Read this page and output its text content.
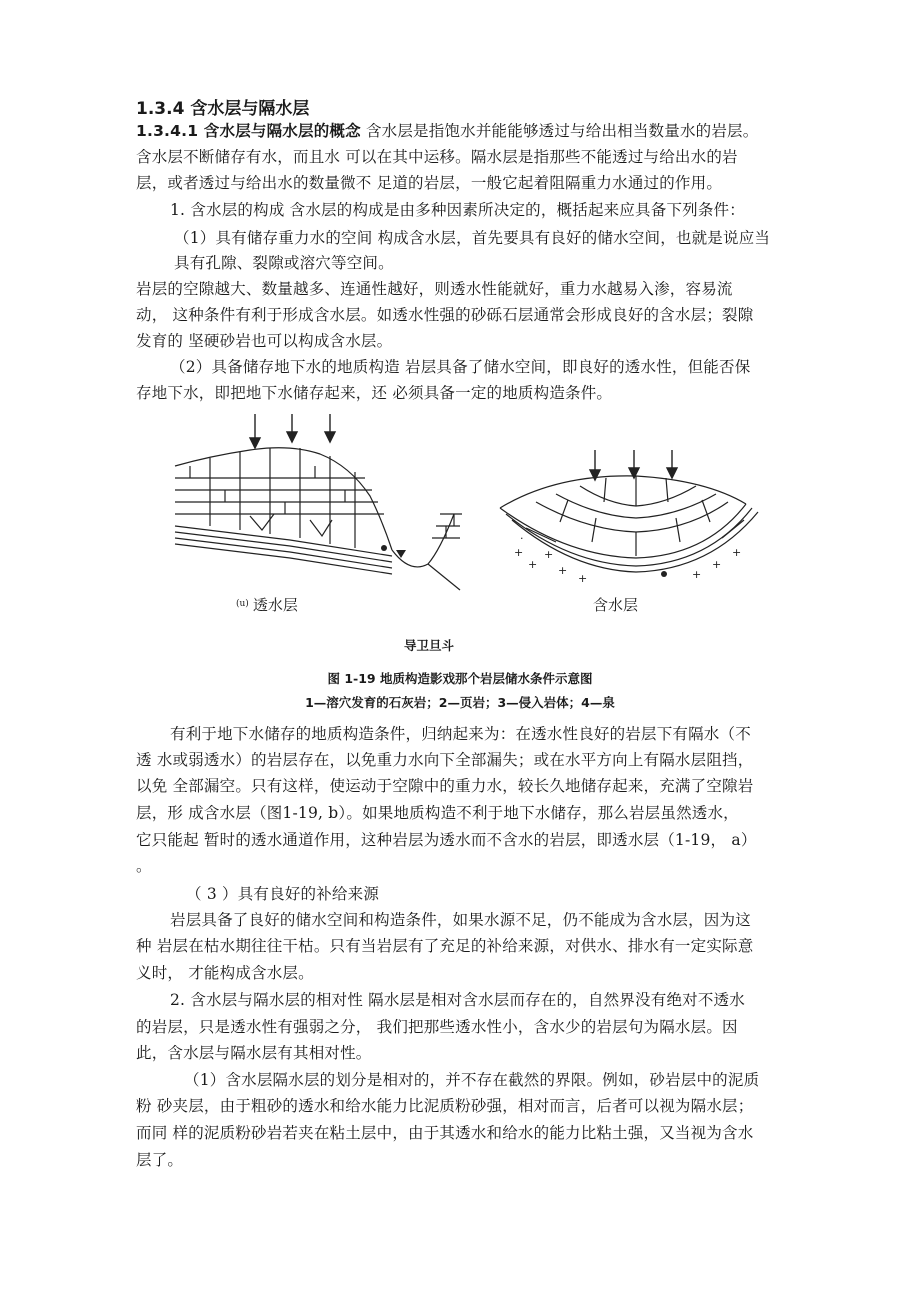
1.3.4 含水层与隔水层
1.3.4.1 含水层与隔水层的概念 含水层是指饱水并能能够透过与给出相当数量水的岩层。
含水层不断储存有水，而且水 可以在其中运移。隔水层是指那些不能透过与给出水的岩
层，或者透过与给出水的数量微不 足道的岩层，一般它起着阻隔重力水通过的作用。
1. 含水层的构成 含水层的构成是由多种因素所决定的，概括起来应具备下列条件：
（1）具有储存重力水的空间 构成含水层，首先要具有良好的储水空间，也就是说应当
具有孔隙、裂隙或溶穴等空间。
岩层的空隙越大、数量越多、连通性越好，则透水性能就好，重力水越易入渗，容易流
动， 这种条件有利于形成含水层。如透水性强的砂砾石层通常会形成良好的含水层；裂隙
发育的 坚硬砂岩也可以构成含水层。
（2）具备储存地下水的地质构造 岩层具备了储水空间，即良好的透水性，但能否保
存地下水，即把地下水储存起来，还 必须具备一定的地质构造条件。
+
+
+
+
+
·
+
+
+
$^{(u)}$ 透水层	含水层
导卫旦斗
图 1-19 地质构造影戏那个岩层储水条件示意图
1—溶穴发育的石灰岩；2—页岩；3—侵入岩体；4—泉
有利于地下水储存的地质构造条件，归纳起来为：在透水性良好的岩层下有隔水（不
透 水或弱透水）的岩层存在，以免重力水向下全部漏失；或在水平方向上有隔水层阻挡，
以免 全部漏空。只有这样，使运动于空隙中的重力水，较长久地储存起来，充满了空隙岩
层，形 成含水层（图1-19, b）。如果地质构造不利于地下水储存，那么岩层虽然透水，
它只能起 暂时的透水通道作用，这种岩层为透水而不含水的岩层，即透水层（1-19， a）
。
（ 3 ）具有良好的补给来源
岩层具备了良好的储水空间和构造条件，如果水源不足，仍不能成为含水层，因为这
种 岩层在枯水期往往干枯。只有当岩层有了充足的补给来源，对供水、排水有一定实际意
义时， 才能构成含水层。
2. 含水层与隔水层的相对性 隔水层是相对含水层而存在的，自然界没有绝对不透水
的岩层，只是透水性有强弱之分， 我们把那些透水性小，含水少的岩层句为隔水层。因
此，含水层与隔水层有其相对性。
（1）含水层隔水层的划分是相对的，并不存在截然的界限。例如，砂岩层中的泥质
粉 砂夹层，由于粗砂的透水和给水能力比泥质粉砂强，相对而言，后者可以视为隔水层；
而同 样的泥质粉砂岩若夹在粘土层中，由于其透水和给水的能力比粘土强，又当视为含水
层了。
